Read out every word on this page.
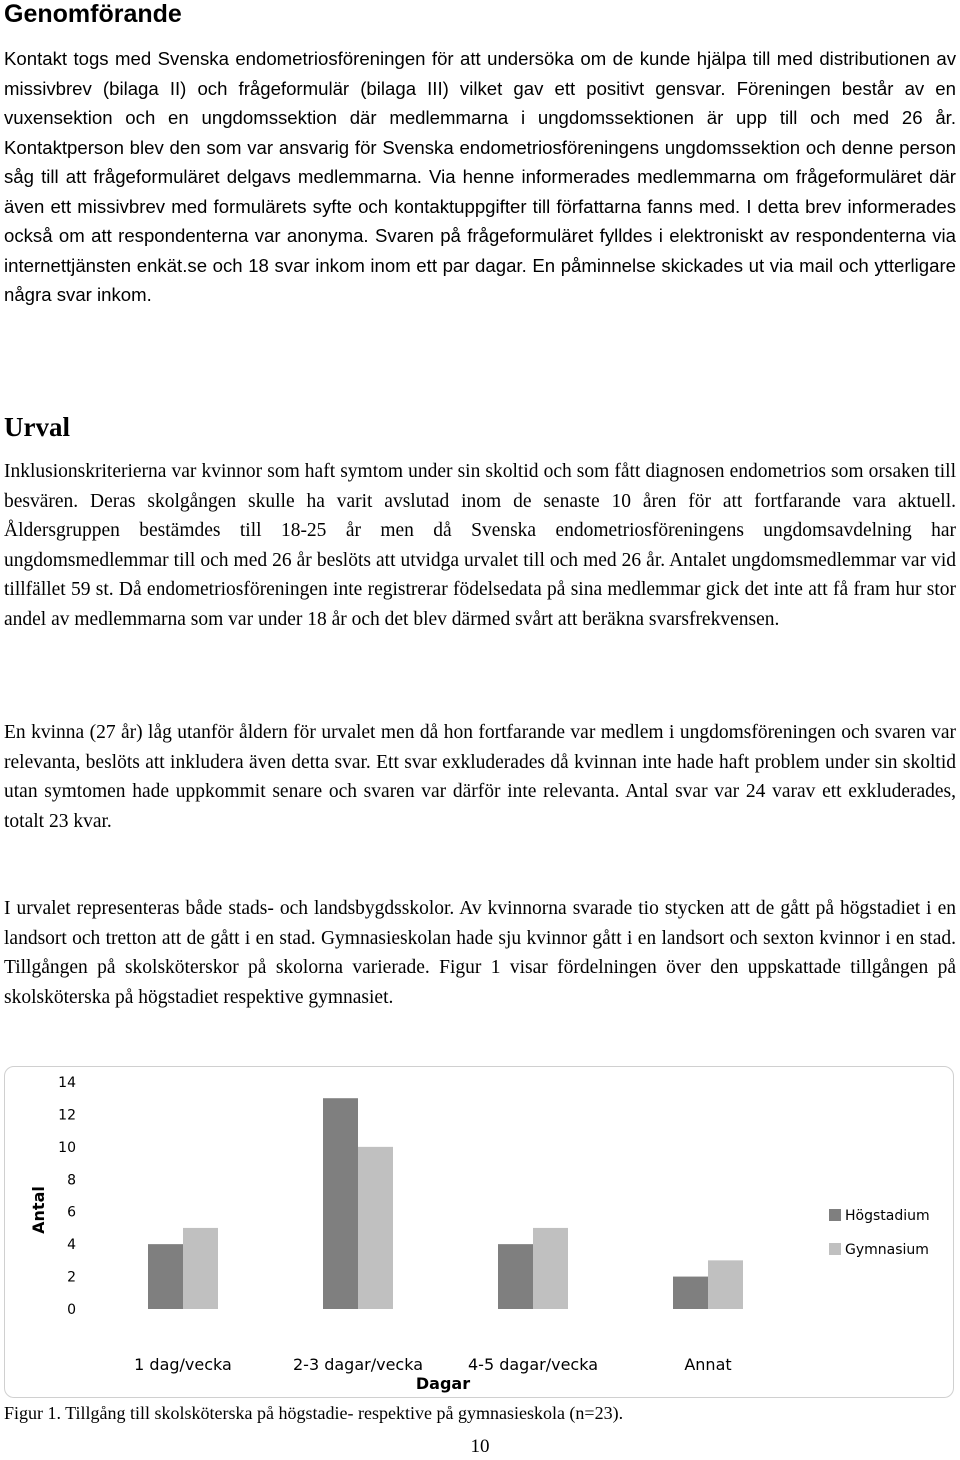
Genomförande

Kontakt togs med Svenska endometriosföreningen för att undersöka om de kunde hjälpa till med distributionen av missivbrev (bilaga II) och frågeformulär (bilaga III) vilket gav ett positivt gensvar. Föreningen består av en vuxensektion och en ungdomssektion där medlemmarna i ungdomssektionen är upp till och med 26 år. Kontaktperson blev den som var ansvarig för Svenska endometriosföreningens ungdomssektion och denne person såg till att frågeformuläret delgavs medlemmarna. Via henne informerades medlemmarna om frågeformuläret där även ett missivbrev med formulärets syfte och kontaktuppgifter till författarna fanns med. I detta brev informerades också om att respondenterna var anonyma. Svaren på frågeformuläret fylldes i elektroniskt av respondenterna via internettjänsten enkät.se och 18 svar inkom inom ett par dagar. En påminnelse skickades ut via mail och ytterligare några svar inkom.

Urval

Inklusionskriterierna var kvinnor som haft symtom under sin skoltid och som fått diagnosen endometrios som orsaken till besvären. Deras skolgången skulle ha varit avslutad inom de senaste 10 åren för att fortfarande vara aktuell. Åldersgruppen bestämdes till 18-25 år men då Svenska endometriosföreningens ungdomsavdelning har ungdomsmedlemmar till och med 26 år beslöts att utvidga urvalet till och med 26 år. Antalet ungdomsmedlemmar var vid tillfället 59 st. Då endometriosföreningen inte registrerar födelsedata på sina medlemmar gick det inte att få fram hur stor andel av medlemmarna som var under 18 år och det blev därmed svårt att beräkna svarsfrekvensen.

En kvinna (27 år) låg utanför åldern för urvalet men då hon fortfarande var medlem i ungdomsföreningen och svaren var relevanta, beslöts att inkludera även detta svar. Ett svar exkluderades då kvinnan inte hade haft problem under sin skoltid utan symtomen hade uppkommit senare och svaren var därför inte relevanta. Antal svar var 24 varav ett exkluderades, totalt 23 kvar.

I urvalet representeras både stads- och landsbygdsskolor. Av kvinnorna svarade tio stycken att de gått på högstadiet i en landsort och tretton att de gått i en stad. Gymnasieskolan hade sju kvinnor gått i en landsort och sexton kvinnor i en stad. Tillgången på skolsköterskor på skolorna varierade. Figur 1 visar fördelningen över den uppskattade tillgången på skolsköterska på högstadiet respektive gymnasiet.

0
2
4
6
8
10
12
14
1 dag/vecka	2-3 dagar/vecka	4-5 dagar/vecka	Annat
Antal
Dagar
Högstadium
Gymnasium

Figur 1. Tillgång till skolsköterska på högstadie- respektive på gymnasieskola (n=23).

10
